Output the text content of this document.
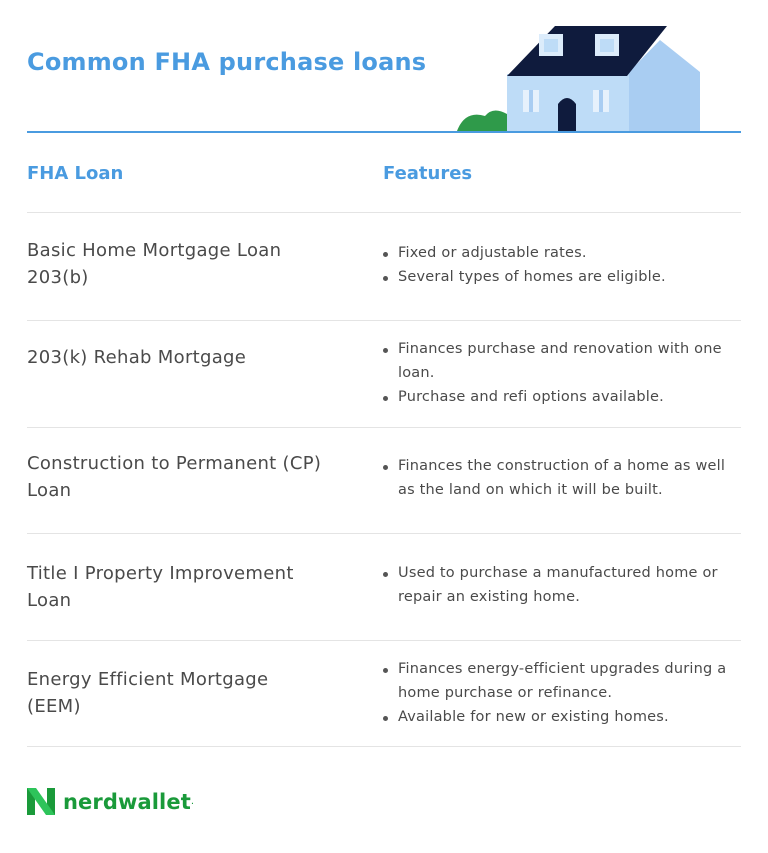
Common FHA purchase loans
FHA Loan	Features
Basic Home Mortgage Loan 203(b)
Fixed or adjustable rates.
Several types of homes are eligible.
203(k) Rehab Mortgage	Finances purchase and renovation with one loan.
Purchase and refi options available.
Construction to Permanent (CP) Loan
Finances the construction of a home as well as the land on which it will be built.
Title I Property Improvement Loan
Used to purchase a manufactured home or repair an existing home.
Energy Efficient Mortgage (EEM)
Finances energy-efficient upgrades during a home purchase or refinance.
Available for new or existing homes.
nerdwallet .
